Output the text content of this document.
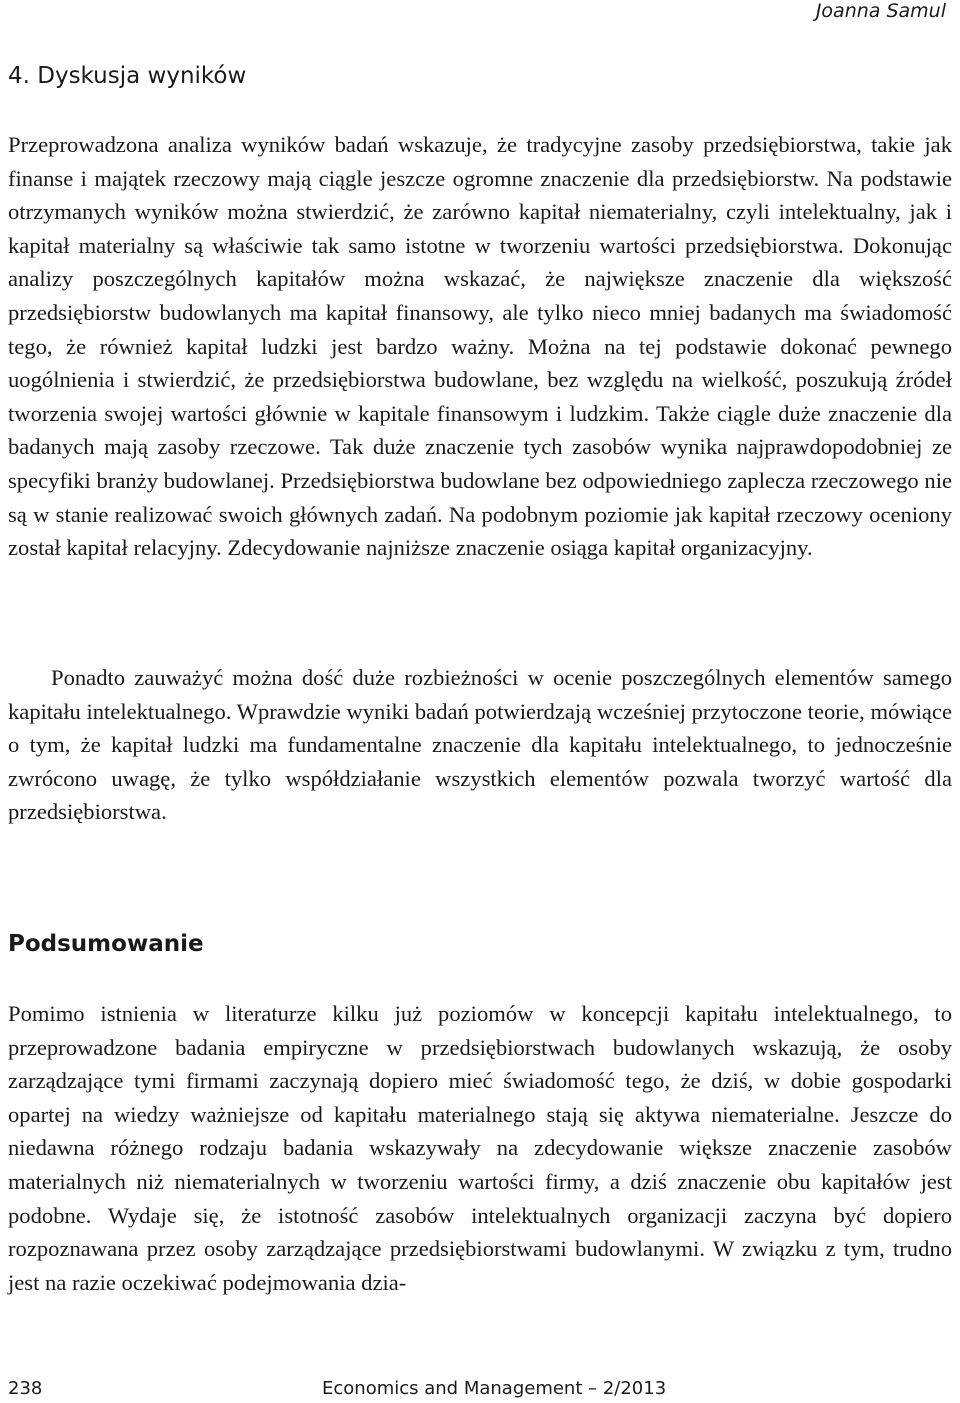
Joanna Samul
4. Dyskusja wyników

Przeprowadzona analiza wyników badań wskazuje, że tradycyjne zasoby przedsiębiorstwa, takie jak finanse i majątek rzeczowy mają ciągle jeszcze ogromne znaczenie dla przedsiębiorstw. Na podstawie otrzymanych wyników można stwierdzić, że zarówno kapitał niematerialny, czyli intelektualny, jak i kapitał materialny są właściwie tak samo istotne w tworzeniu wartości przedsiębiorstwa. Dokonując analizy poszczególnych kapitałów można wskazać, że największe znaczenie dla większość przedsiębiorstw budowlanych ma kapitał finansowy, ale tylko nieco mniej badanych ma świadomość tego, że również kapitał ludzki jest bardzo ważny. Można na tej podstawie dokonać pewnego uogólnienia i stwierdzić, że przedsiębiorstwa budowlane, bez względu na wielkość, poszukują źródeł tworzenia swojej wartości głównie w kapitale finansowym i ludzkim. Także ciągle duże znaczenie dla badanych mają zasoby rzeczowe. Tak duże znaczenie tych zasobów wynika najprawdopodobniej ze specyfiki branży budowlanej. Przedsiębiorstwa budowlane bez odpowiedniego zaplecza rzeczowego nie są w stanie realizować swoich głównych zadań. Na podobnym poziomie jak kapitał rzeczowy oceniony został kapitał relacyjny. Zdecydowanie najniższe znaczenie osiąga kapitał organizacyjny.

Ponadto zauważyć można dość duże rozbieżności w ocenie poszczególnych elementów samego kapitału intelektualnego. Wprawdzie wyniki badań potwierdzają wcześniej przytoczone teorie, mówiące o tym, że kapitał ludzki ma fundamentalne znaczenie dla kapitału intelektualnego, to jednocześnie zwrócono uwagę, że tylko współdziałanie wszystkich elementów pozwala tworzyć wartość dla przedsiębiorstwa.

Podsumowanie

Pomimo istnienia w literaturze kilku już poziomów w koncepcji kapitału intelektualnego, to przeprowadzone badania empiryczne w przedsiębiorstwach budowlanych wskazują, że osoby zarządzające tymi firmami zaczynają dopiero mieć świadomość tego, że dziś, w dobie gospodarki opartej na wiedzy ważniejsze od kapitału materialnego stają się aktywa niematerialne. Jeszcze do niedawna różnego rodzaju badania wskazywały na zdecydowanie większe znaczenie zasobów materialnych niż niematerialnych w tworzeniu wartości firmy, a dziś znaczenie obu kapitałów jest podobne. Wydaje się, że istotność zasobów intelektualnych organizacji zaczyna być dopiero rozpoznawana przez osoby zarządzające przedsiębiorstwami budowlanymi. W związku z tym, trudno jest na razie oczekiwać podejmowania dzia-

238	Economics and Management – 2/2013
